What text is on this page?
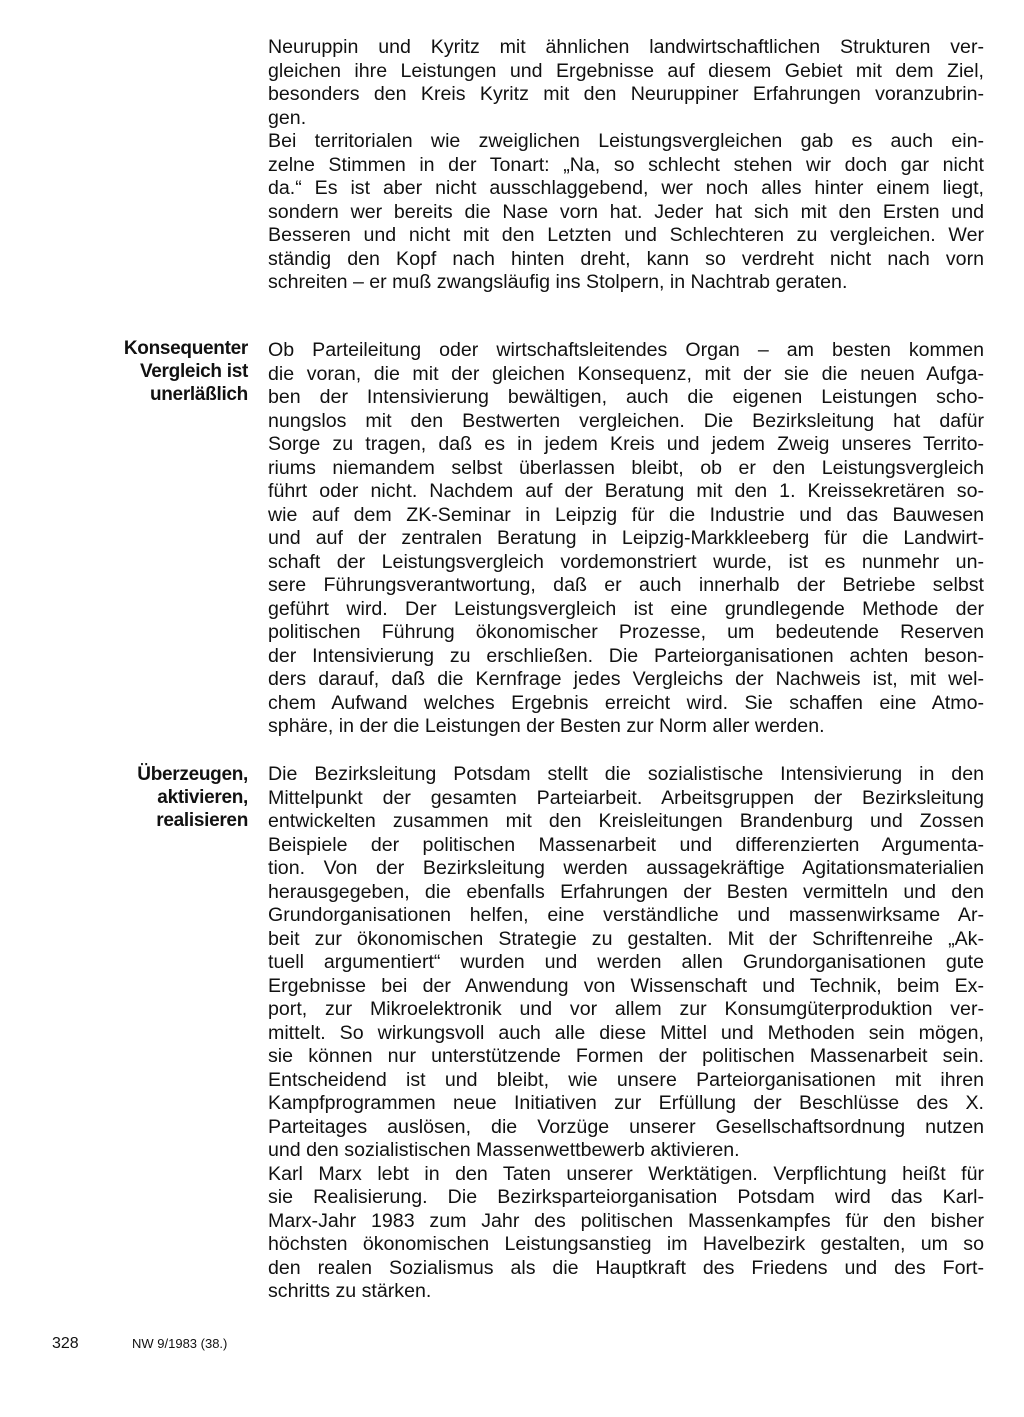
Neuruppin und Kyritz mit ähnlichen landwirtschaftlichen Strukturen ver-
gleichen ihre Leistungen und Ergebnisse auf diesem Gebiet mit dem Ziel,
besonders den Kreis Kyritz mit den Neuruppiner Erfahrungen voranzubrin-
gen.
Bei territorialen wie zweiglichen Leistungsvergleichen gab es auch ein-
zelne Stimmen in der Tonart: „Na, so schlecht stehen wir doch gar nicht
da.“ Es ist aber nicht ausschlaggebend, wer noch alles hinter einem liegt,
sondern wer bereits die Nase vorn hat. Jeder hat sich mit den Ersten und
Besseren und nicht mit den Letzten und Schlechteren zu vergleichen. Wer
ständig den Kopf nach hinten dreht, kann so verdreht nicht nach vorn
schreiten – er muß zwangsläufig ins Stolpern, in Nachtrab geraten.
Konsequenter
Vergleich ist
unerläßlich
Ob Parteileitung oder wirtschaftsleitendes Organ – am besten kommen
die voran, die mit der gleichen Konsequenz, mit der sie die neuen Aufga-
ben der Intensivierung bewältigen, auch die eigenen Leistungen scho-
nungslos mit den Bestwerten vergleichen. Die Bezirksleitung hat dafür
Sorge zu tragen, daß es in jedem Kreis und jedem Zweig unseres Territo-
riums niemandem selbst überlassen bleibt, ob er den Leistungsvergleich
führt oder nicht. Nachdem auf der Beratung mit den 1. Kreissekretären so-
wie auf dem ZK-Seminar in Leipzig für die Industrie und das Bauwesen
und auf der zentralen Beratung in Leipzig-Markkleeberg für die Landwirt-
schaft der Leistungsvergleich vordemonstriert wurde, ist es nunmehr un-
sere Führungsverantwortung, daß er auch innerhalb der Betriebe selbst
geführt wird. Der Leistungsvergleich ist eine grundlegende Methode der
politischen Führung ökonomischer Prozesse, um bedeutende Reserven
der Intensivierung zu erschließen. Die Parteiorganisationen achten beson-
ders darauf, daß die Kernfrage jedes Vergleichs der Nachweis ist, mit wel-
chem Aufwand welches Ergebnis erreicht wird. Sie schaffen eine Atmo-
sphäre, in der die Leistungen der Besten zur Norm aller werden.
Überzeugen,
aktivieren,
realisieren
Die Bezirksleitung Potsdam stellt die sozialistische Intensivierung in den
Mittelpunkt der gesamten Parteiarbeit. Arbeitsgruppen der Bezirksleitung
entwickelten zusammen mit den Kreisleitungen Brandenburg und Zossen
Beispiele der politischen Massenarbeit und differenzierten Argumenta-
tion. Von der Bezirksleitung werden aussagekräftige Agitationsmaterialien
herausgegeben, die ebenfalls Erfahrungen der Besten vermitteln und den
Grundorganisationen helfen, eine verständliche und massenwirksame Ar-
beit zur ökonomischen Strategie zu gestalten. Mit der Schriftenreihe „Ak-
tuell argumentiert“ wurden und werden allen Grundorganisationen gute
Ergebnisse bei der Anwendung von Wissenschaft und Technik, beim Ex-
port, zur Mikroelektronik und vor allem zur Konsumgüterproduktion ver-
mittelt. So wirkungsvoll auch alle diese Mittel und Methoden sein mögen,
sie können nur unterstützende Formen der politischen Massenarbeit sein.
Entscheidend ist und bleibt, wie unsere Parteiorganisationen mit ihren
Kampfprogrammen neue Initiativen zur Erfüllung der Beschlüsse des X.
Parteitages auslösen, die Vorzüge unserer Gesellschaftsordnung nutzen
und den sozialistischen Massenwettbewerb aktivieren.
Karl Marx lebt in den Taten unserer Werktätigen. Verpflichtung heißt für
sie Realisierung. Die Bezirksparteiorganisation Potsdam wird das Karl-
Marx-Jahr 1983 zum Jahr des politischen Massenkampfes für den bisher
höchsten ökonomischen Leistungsanstieg im Havelbezirk gestalten, um so
den realen Sozialismus als die Hauptkraft des Friedens und des Fort-
schritts zu stärken.
328	NW 9/1983 (38.)
